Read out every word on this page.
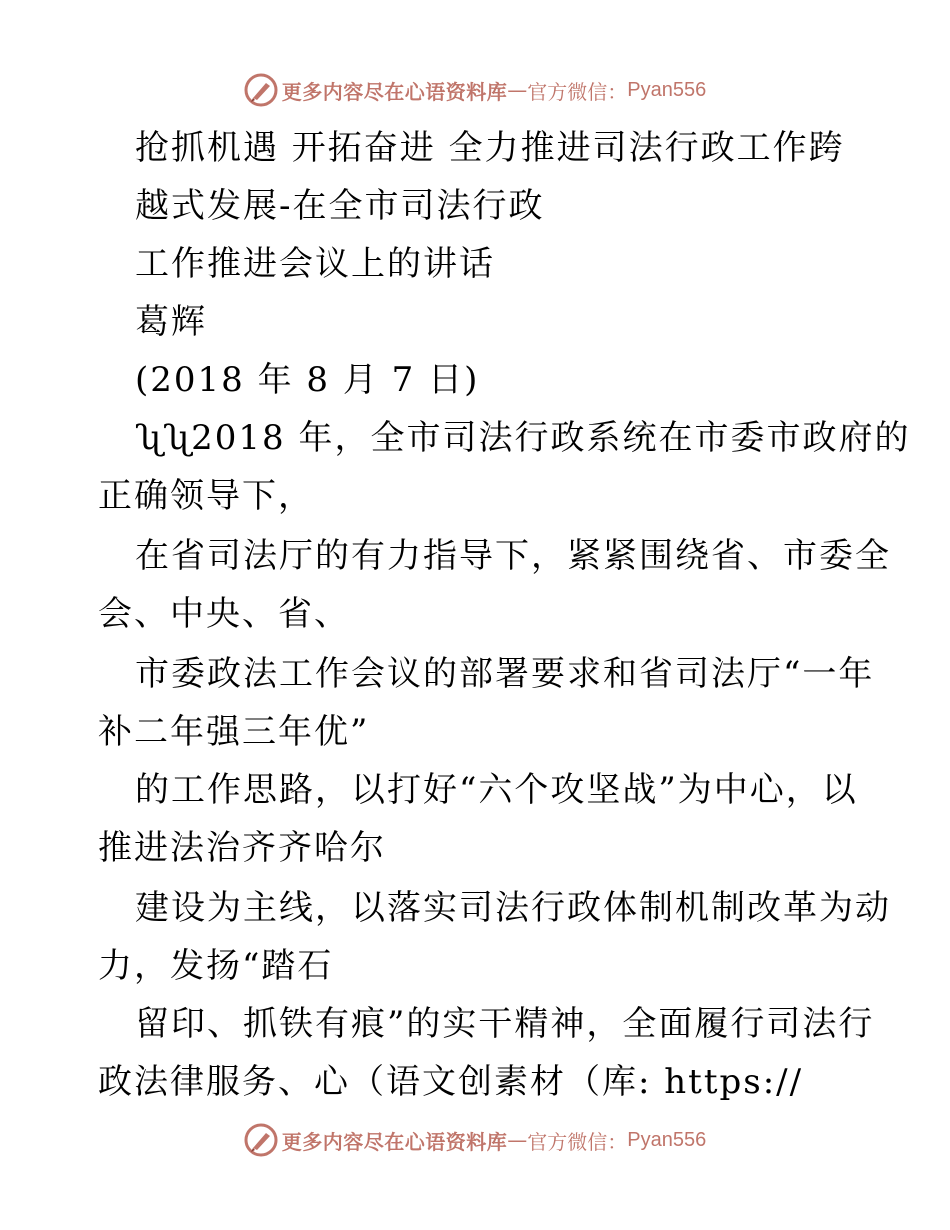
更多内容尽在心语资料库 — 官方微信： Pyan556
抢抓机遇 开拓奋进 全力推进司法行政工作跨
越式发展-在全市司法行政
工作推进会议上的讲话
葛辉
(2018 年 8 月 7 日)
ʯʯ2018 年，全市司法行政系统在市委市政府的
正确领导下，
在省司法厅的有力指导下，紧紧围绕省、市委全
会、中央、省、
市委政法工作会议的部署要求和省司法厅“一年
补二年强三年优”
的工作思路，以打好“六个攻坚战”为中心，以
推进法治齐齐哈尔
建设为主线，以落实司法行政体制机制改革为动
力，发扬“踏石
留印、抓铁有痕”的实干精神，全面履行司法行
政法律服务、心（语文创素材（库: https://
更多内容尽在心语资料库 — 官方微信： Pyan556
